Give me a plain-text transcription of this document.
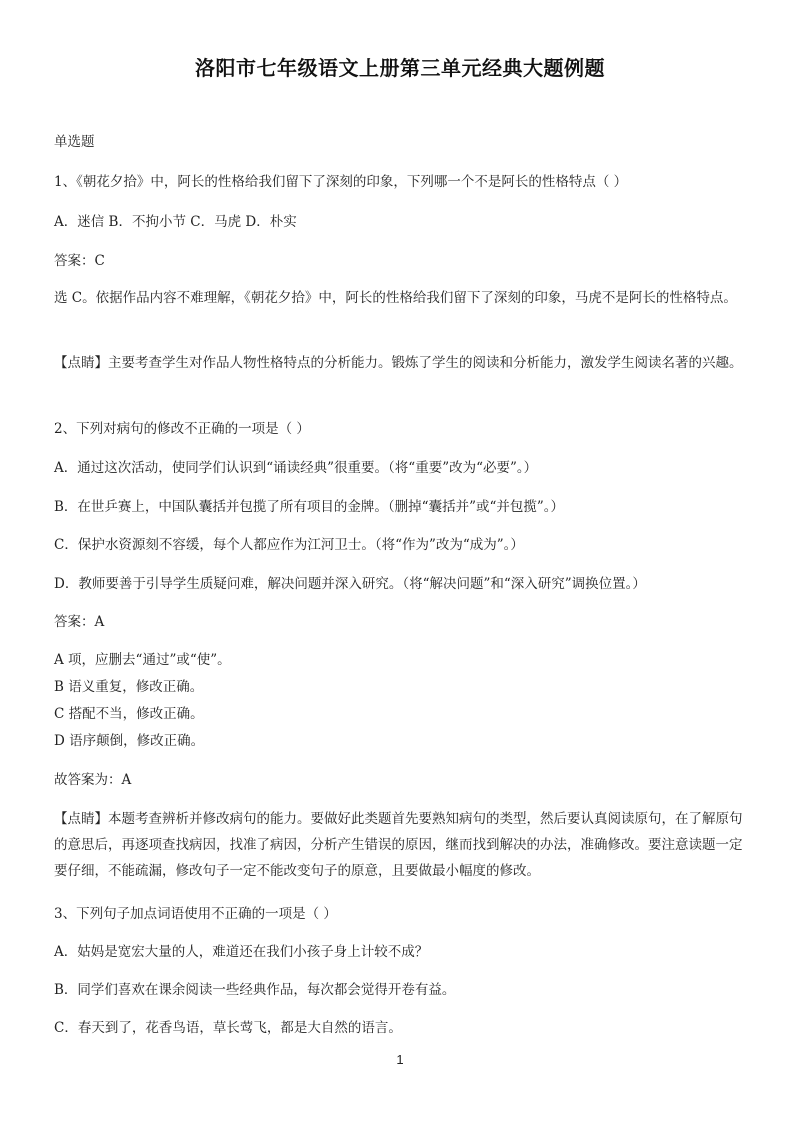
洛阳市七年级语文上册第三单元经典大题例题
单选题
1、《朝花夕拾》中，阿长的性格给我们留下了深刻的印象，下列哪一个不是阿长的性格特点（ ）
A．迷信 B．不拘小节 C．马虎 D．朴实
答案：C
选 C。依据作品内容不难理解，《朝花夕拾》中，阿长的性格给我们留下了深刻的印象，马虎不是阿长的性格特点。
【点睛】主要考查学生对作品人物性格特点的分析能力。锻炼了学生的阅读和分析能力，激发学生阅读名著的兴趣。
2、下列对病句的修改不正确的一项是（ ）
A．通过这次活动，使同学们认识到“诵读经典”很重要。（将“重要”改为“必要”。）
B．在世乒赛上，中国队囊括并包揽了所有项目的金牌。（删掉“囊括并”或“并包揽”。）
C．保护水资源刻不容缓，每个人都应作为江河卫士。（将“作为”改为“成为”。）
D．教师要善于引导学生质疑问难，解决问题并深入研究。（将“解决问题”和“深入研究”调换位置。）
答案：A
A 项，应删去“通过”或“使”。
B 语义重复，修改正确。
C 搭配不当，修改正确。
D 语序颠倒，修改正确。
故答案为：A
【点睛】本题考查辨析并修改病句的能力。要做好此类题首先要熟知病句的类型，然后要认真阅读原句，在了解原句的意思后，再逐项查找病因，找准了病因，分析产生错误的原因，继而找到解决的办法，准确修改。要注意读题一定要仔细，不能疏漏，修改句子一定不能改变句子的原意，且要做最小幅度的修改。
3、下列句子加点词语使用不正确的一项是（ ）
A．姑妈是宽宏大量的人，难道还在我们小孩子身上计较不成？
B．同学们喜欢在课余阅读一些经典作品，每次都会觉得开卷有益。
C．春天到了，花香鸟语，草长莺飞，都是大自然的语言。
1
